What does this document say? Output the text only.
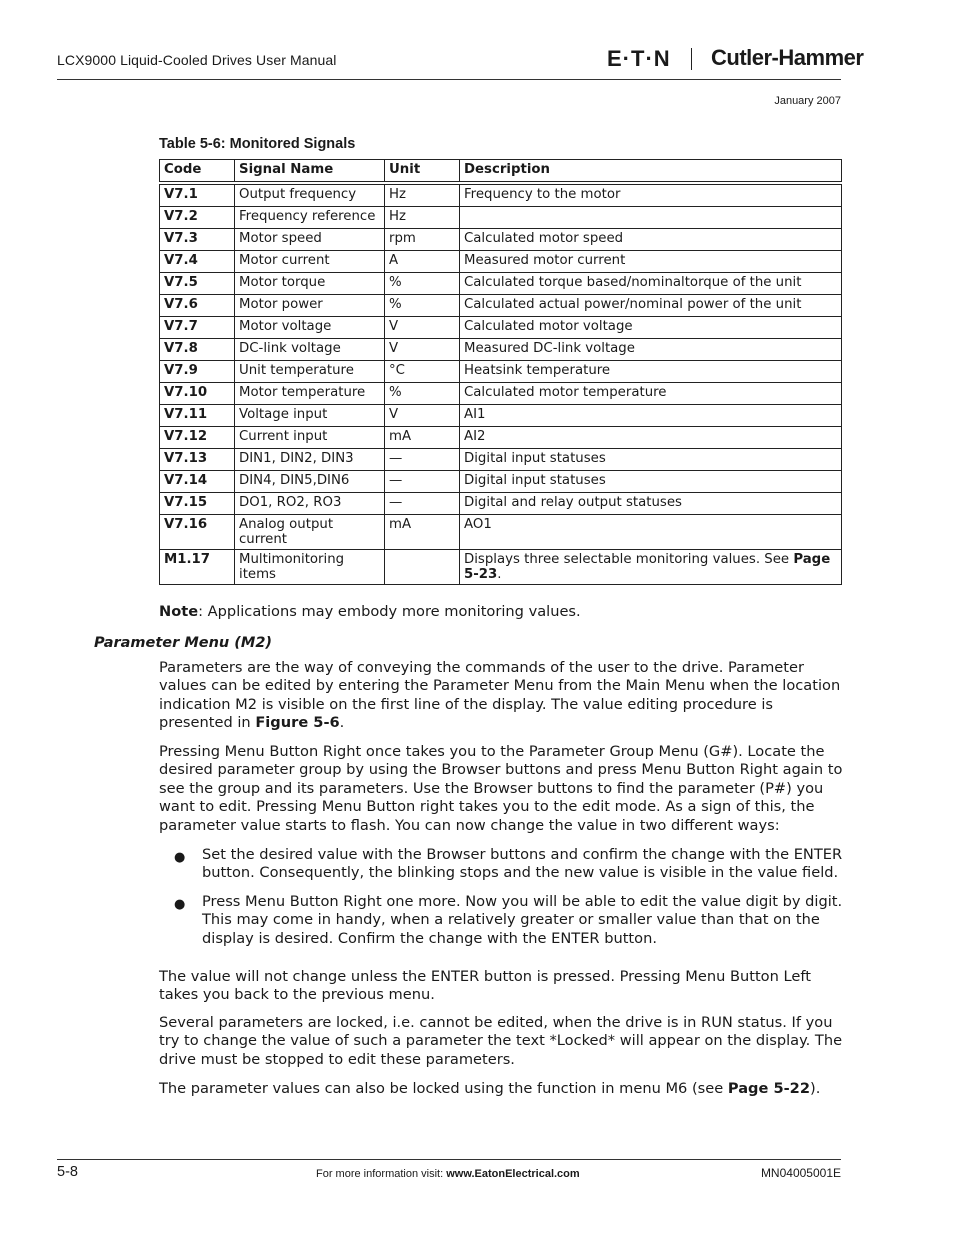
LCX9000 Liquid-Cooled Drives User Manual	E·T·N Cutler-Hammer
January 2007
Table 5-6: Monitored Signals
Code	Signal Name	Unit	Description

V7.1	Output frequency	Hz	Frequency to the motor
V7.2	Frequency reference	Hz	
V7.3	Motor speed	rpm	Calculated motor speed
V7.4	Motor current	A	Measured motor current
V7.5	Motor torque	%	Calculated torque based/nominaltorque of the unit
V7.6	Motor power	%	Calculated actual power/nominal power of the unit
V7.7	Motor voltage	V	Calculated motor voltage
V7.8	DC-link voltage	V	Measured DC-link voltage
V7.9	Unit temperature	°C	Heatsink temperature
V7.10	Motor temperature	%	Calculated motor temperature
V7.11	Voltage input	V	AI1
V7.12	Current input	mA	AI2
V7.13	DIN1, DIN2, DIN3	—	Digital input statuses
V7.14	DIN4, DIN5,DIN6	—	Digital input statuses
V7.15	DO1, RO2, RO3	—	Digital and relay output statuses
V7.16	Analog output current	mA	AO1
M1.17	Multimonitoring items		Displays three selectable monitoring values. See Page 5-23.
Note: Applications may embody more monitoring values.
Parameter Menu (M2)

Parameters are the way of conveying the commands of the user to the drive. Parameter values can be edited by entering the Parameter Menu from the Main Menu when the location indication M2 is visible on the first line of the display. The value editing procedure is presented in Figure 5-6.

Pressing Menu Button Right once takes you to the Parameter Group Menu (G#). Locate the desired parameter group by using the Browser buttons and press Menu Button Right again to see the group and its parameters. Use the Browser buttons to find the parameter (P#) you want to edit. Pressing Menu Button right takes you to the edit mode. As a sign of this, the parameter value starts to flash. You can now change the value in two different ways:

● Set the desired value with the Browser buttons and confirm the change with the ENTER button. Consequently, the blinking stops and the new value is visible in the value field.

● Press Menu Button Right one more. Now you will be able to edit the value digit by digit. This may come in handy, when a relatively greater or smaller value than that on the display is desired. Confirm the change with the ENTER button.

The value will not change unless the ENTER button is pressed. Pressing Menu Button Left takes you back to the previous menu.

Several parameters are locked, i.e. cannot be edited, when the drive is in RUN status. If you try to change the value of such a parameter the text *Locked* will appear on the display. The drive must be stopped to edit these parameters.

The parameter values can also be locked using the function in menu M6 (see Page 5-22).

5-8	For more information visit: www.EatonElectrical.com	MN04005001E
